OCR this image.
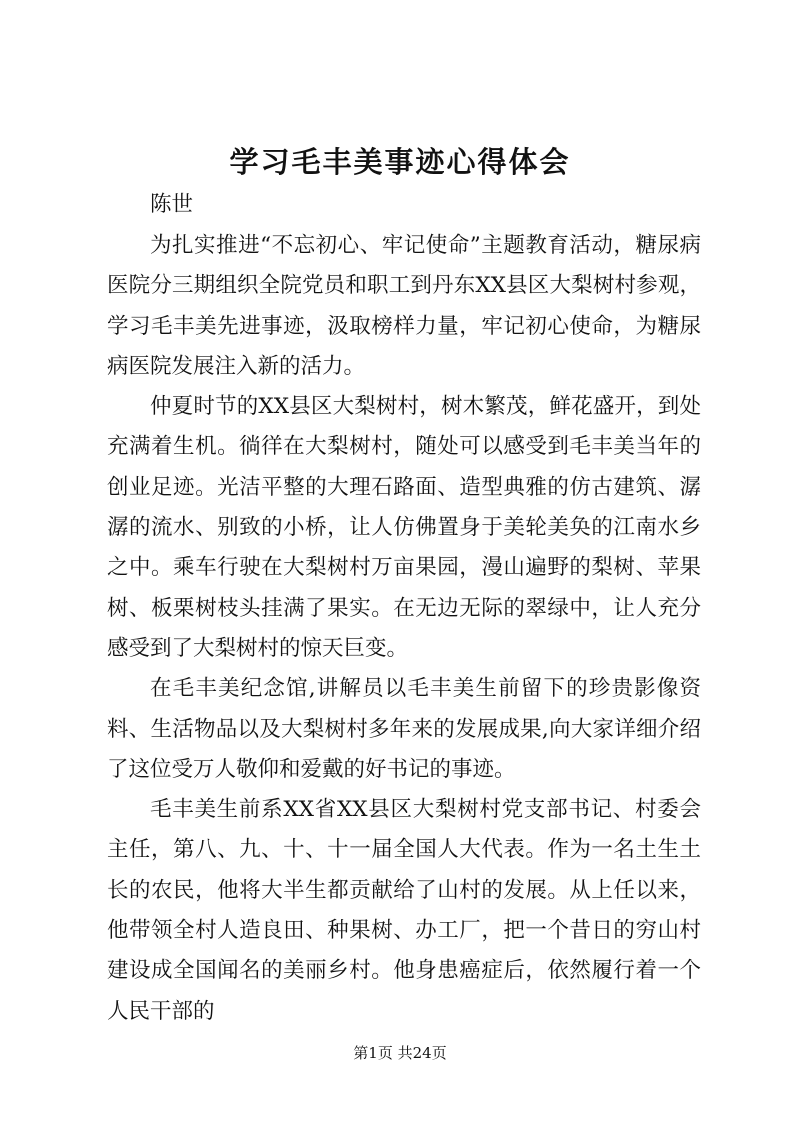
学习毛丰美事迹心得体会
陈世

为扎实推进“不忘初心、牢记使命”主题教育活动，糖尿病医院分三期组织全院党员和职工到丹东XX县区大梨树村参观，学习毛丰美先进事迹，汲取榜样力量，牢记初心使命，为糖尿病医院发展注入新的活力。

仲夏时节的XX县区大梨树村，树木繁茂，鲜花盛开，到处充满着生机。徜徉在大梨树村，随处可以感受到毛丰美当年的创业足迹。光洁平整的大理石路面、造型典雅的仿古建筑、潺潺的流水、别致的小桥，让人仿佛置身于美轮美奂的江南水乡之中。乘车行驶在大梨树村万亩果园，漫山遍野的梨树、苹果树、板栗树枝头挂满了果实。在无边无际的翠绿中，让人充分感受到了大梨树村的惊天巨变。

在毛丰美纪念馆,讲解员以毛丰美生前留下的珍贵影像资料、生活物品以及大梨树村多年来的发展成果,向大家详细介绍了这位受万人敬仰和爱戴的好书记的事迹。

毛丰美生前系XX省XX县区大梨树村党支部书记、村委会主任，第八、九、十、十一届全国人大代表。作为一名土生土长的农民，他将大半生都贡献给了山村的发展。从上任以来，他带领全村人造良田、种果树、办工厂，把一个昔日的穷山村建设成全国闻名的美丽乡村。他身患癌症后，依然履行着一个人民干部的

第1页 共24页
